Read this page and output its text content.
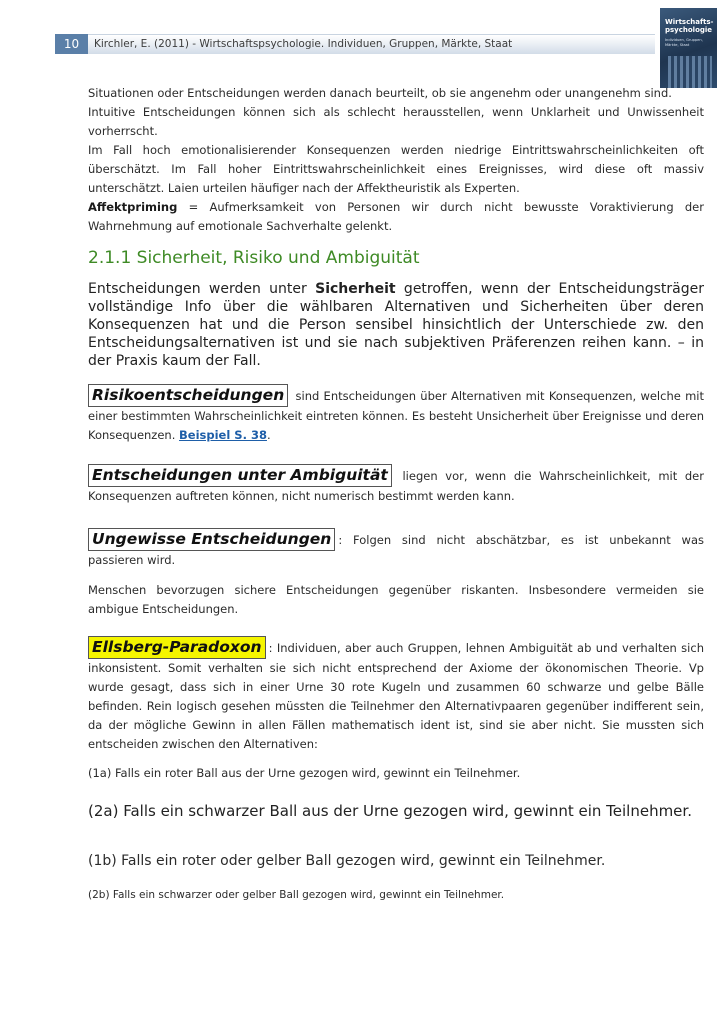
10	Kirchler, E. (2011) - Wirtschaftspsychologie. Individuen, Gruppen, Märkte, Staat
Wirtschafts-psychologie
Individuen, Gruppen, Märkte, Staat
Situationen oder Entscheidungen werden danach beurteilt, ob sie angenehm oder unangenehm sind.
Intuitive Entscheidungen können sich als schlecht herausstellen, wenn Unklarheit und Unwissenheit vorherrscht.
Im Fall hoch emotionalisierender Konsequenzen werden niedrige Eintrittswahrscheinlichkeiten oft überschätzt. Im Fall hoher Eintrittswahrscheinlichkeit eines Ereignisses, wird diese oft massiv unterschätzt. Laien urteilen häufiger nach der Affektheuristik als Experten.
Affektpriming = Aufmerksamkeit von Personen wir durch nicht bewusste Voraktivierung der Wahrnehmung auf emotionale Sachverhalte gelenkt.
2.1.1 Sicherheit, Risiko und Ambiguität
Entscheidungen werden unter Sicherheit getroffen, wenn der Entscheidungsträger vollständige Info über die wählbaren Alternativen und Sicherheiten über deren Konsequenzen hat und die Person sensibel hinsichtlich der Unterschiede zw. den Entscheidungsalternativen ist und sie nach subjektiven Präferenzen reihen kann. – in der Praxis kaum der Fall.
Risikoentscheidungen sind Entscheidungen über Alternativen mit Konsequenzen, welche mit einer bestimmten Wahrscheinlichkeit eintreten können. Es besteht Unsicherheit über Ereignisse und deren Konsequenzen. Beispiel S. 38.
Entscheidungen unter Ambiguität liegen vor, wenn die Wahrscheinlichkeit, mit der Konsequenzen auftreten können, nicht numerisch bestimmt werden kann.
Ungewisse Entscheidungen : Folgen sind nicht abschätzbar, es ist unbekannt was passieren wird.
Menschen bevorzugen sichere Entscheidungen gegenüber riskanten. Insbesondere vermeiden sie ambigue Entscheidungen.
Ellsberg-Paradoxon : Individuen, aber auch Gruppen, lehnen Ambiguität ab und verhalten sich inkonsistent. Somit verhalten sie sich nicht entsprechend der Axiome der ökonomischen Theorie. Vp wurde gesagt, dass sich in einer Urne 30 rote Kugeln und zusammen 60 schwarze und gelbe Bälle befinden. Rein logisch gesehen müssten die Teilnehmer den Alternativpaaren gegenüber indifferent sein, da der mögliche Gewinn in allen Fällen mathematisch ident ist, sind sie aber nicht. Sie mussten sich entscheiden zwischen den Alternativen:
(1a) Falls ein roter Ball aus der Urne gezogen wird, gewinnt ein Teilnehmer.
(2a) Falls ein schwarzer Ball aus der Urne gezogen wird, gewinnt ein Teilnehmer.
(1b) Falls ein roter oder gelber Ball gezogen wird, gewinnt ein Teilnehmer.
(2b) Falls ein schwarzer oder gelber Ball gezogen wird, gewinnt ein Teilnehmer.
